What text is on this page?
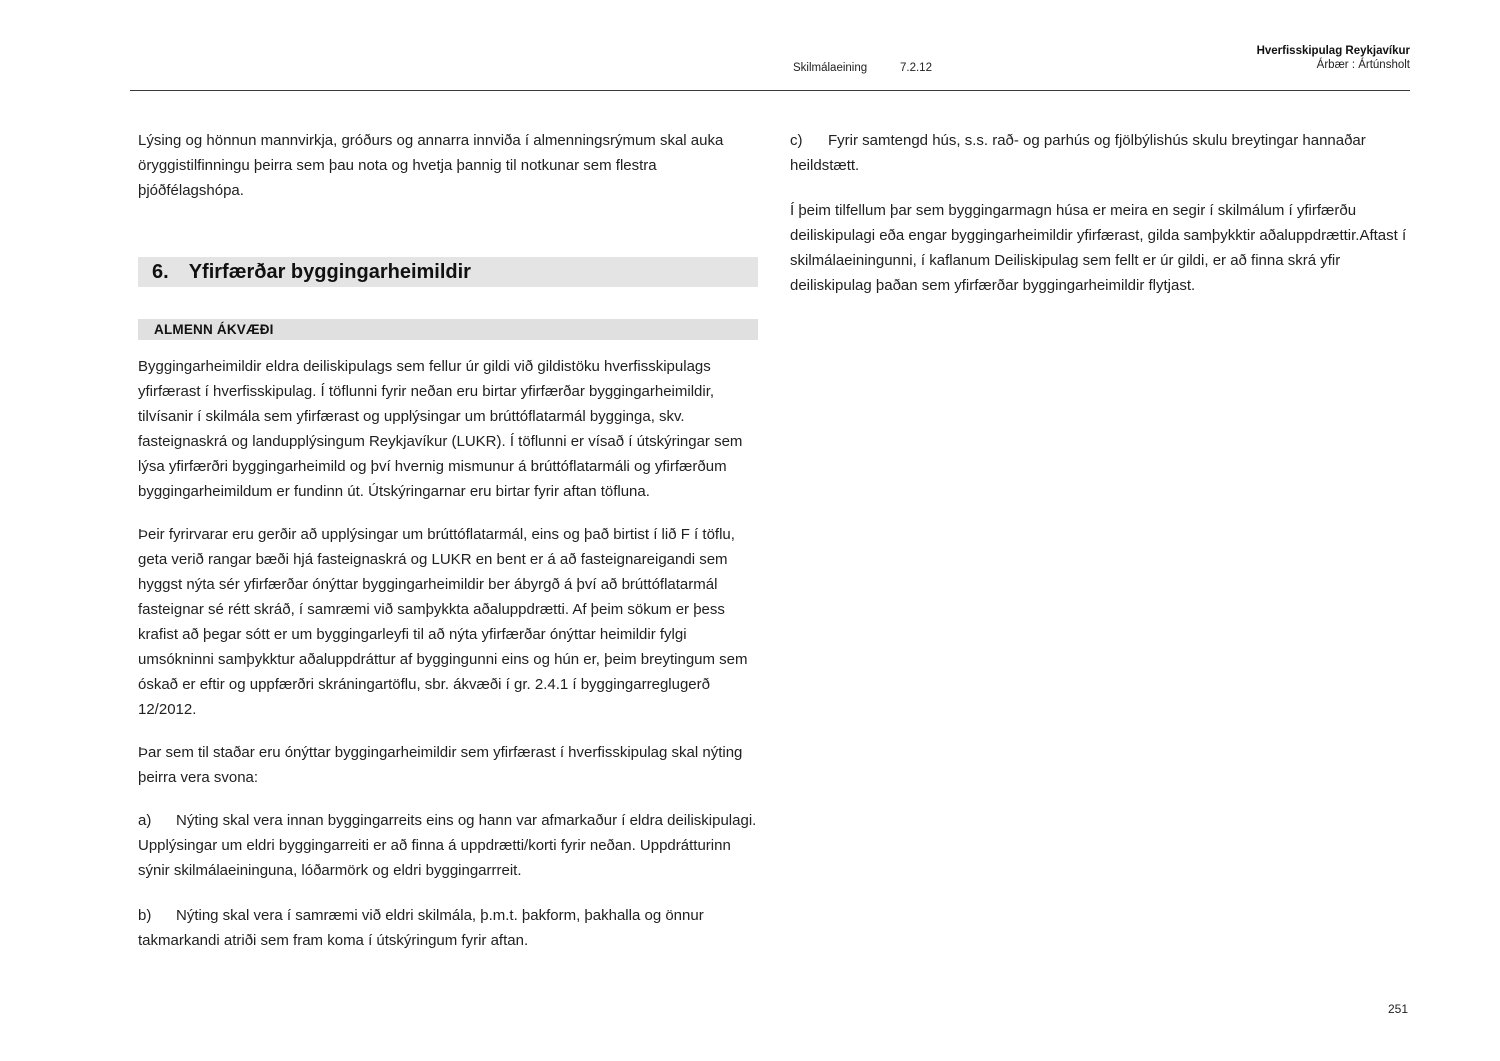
Skilmálaeining	7.2.12
Hverfisskipulag Reykjavíkur
Árbær : Ártúnsholt

Lýsing og hönnun mannvirkja, gróðurs og annarra innviða í almenningsrýmum skal auka öryggistilfinningu þeirra sem þau nota og hvetja þannig til notkunar sem flestra þjóðfélagshópa.

6. Yfirfærðar byggingarheimildir
ALMENN ÁKVÆÐI

Byggingarheimildir eldra deiliskipulags sem fellur úr gildi við gildistöku hverfisskipulags yfirfærast í hverfisskipulag. Í töflunni fyrir neðan eru birtar yfirfærðar byggingarheimildir, tilvísanir í skilmála sem yfirfærast og upplýsingar um brúttóflatarmál bygginga, skv. fasteignaskrá og landupplýsingum Reykjavíkur (LUKR). Í töflunni er vísað í útskýringar sem lýsa yfirfærðri byggingarheimild og því hvernig mismunur á brúttóflatarmáli og yfirfærðum byggingarheimildum er fundinn út. Útskýringarnar eru birtar fyrir aftan töfluna.

Þeir fyrirvarar eru gerðir að upplýsingar um brúttóflatarmál, eins og það birtist í lið F í töflu, geta verið rangar bæði hjá fasteignaskrá og LUKR en bent er á að fasteignareigandi sem hyggst nýta sér yfirfærðar ónýttar byggingarheimildir ber ábyrgð á því að brúttóflatarmál fasteignar sé rétt skráð, í samræmi við samþykkta aðaluppdrætti. Af þeim sökum er þess krafist að þegar sótt er um byggingarleyfi til að nýta yfirfærðar ónýttar heimildir fylgi umsókninni samþykktur aðaluppdráttur af byggingunni eins og hún er, þeim breytingum sem óskað er eftir og uppfærðri skráningartöflu, sbr. ákvæði í gr. 2.4.1 í byggingarreglugerð 12/2012.

Þar sem til staðar eru ónýttar byggingarheimildir sem yfirfærast í hverfisskipulag skal nýting þeirra vera svona:

a) Nýting skal vera innan byggingarreits eins og hann var afmarkaður í eldra deiliskipulagi. Upplýsingar um eldri byggingarreiti er að finna á uppdrætti/korti fyrir neðan. Uppdrátturinn sýnir skilmálaeininguna, lóðarmörk og eldri byggingarrreit.
b) Nýting skal vera í samræmi við eldri skilmála, þ.m.t. þakform, þakhalla og önnur takmarkandi atriði sem fram koma í útskýringum fyrir aftan.
c) Fyrir samtengd hús, s.s. rað- og parhús og fjölbýlishús skulu breytingar hannaðar heildstætt.

Í þeim tilfellum þar sem byggingarmagn húsa er meira en segir í skilmálum í yfirfærðu deiliskipulagi eða engar byggingarheimildir yfirfærast, gilda samþykktir aðaluppdrættir.Aftast í skilmálaeiningunni, í kaflanum Deiliskipulag sem fellt er úr gildi, er að finna skrá yfir deiliskipulag þaðan sem yfirfærðar byggingarheimildir flytjast.

251
